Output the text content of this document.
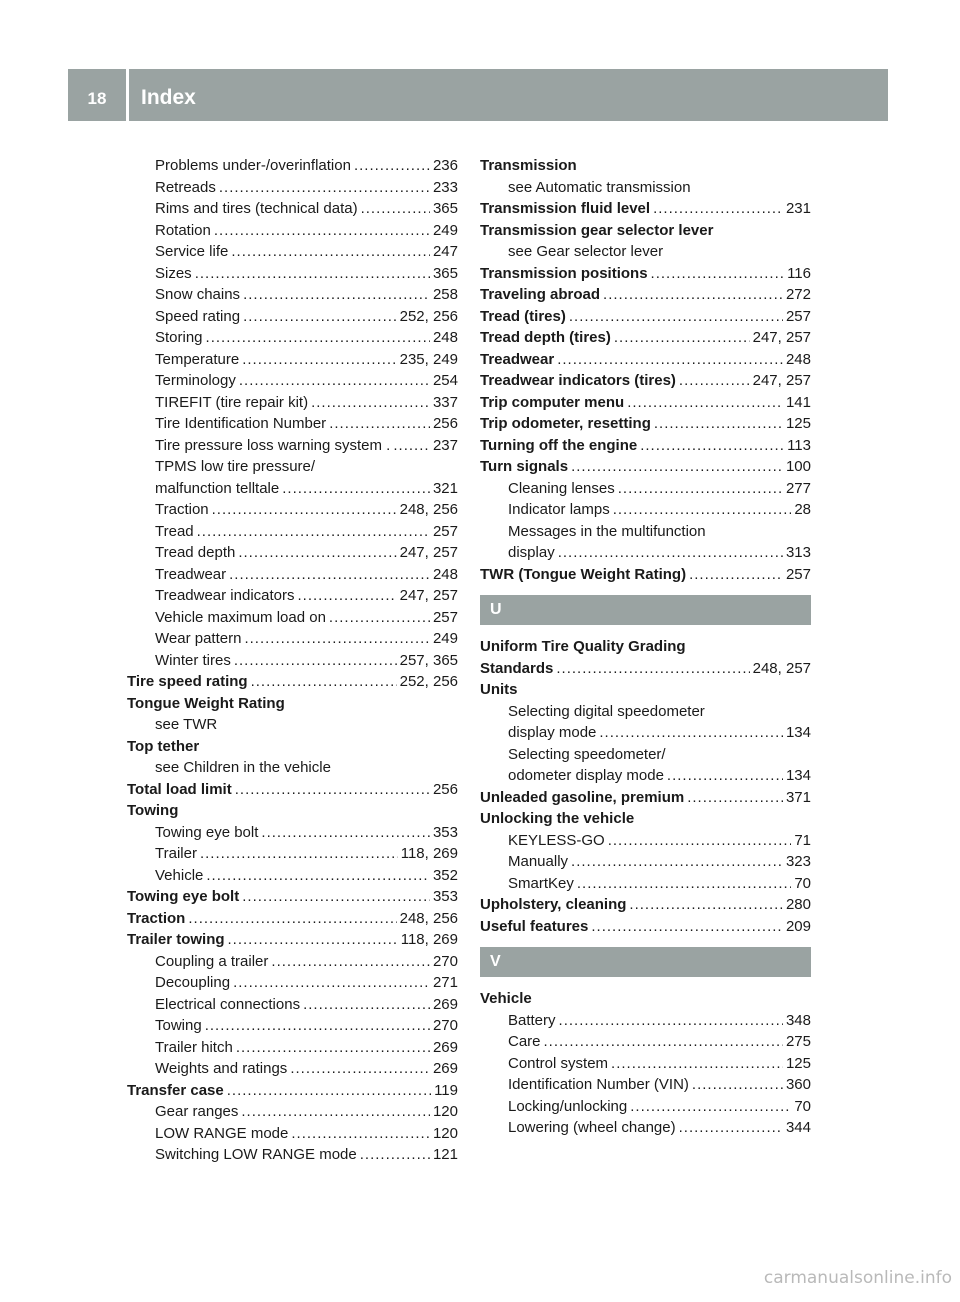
18	Index
Problems under-/overinflation .....	236
Retreads .....	233
Rims and tires (technical data) .....	365
Rotation .....	249
Service life .....	247
Sizes .....	365
Snow chains .....	258
Speed rating .....	252, 256
Storing .....	248
Temperature .....	235, 249
Terminology .....	254
TIREFIT (tire repair kit) .....	337
Tire Identification Number .....	256
Tire pressure loss warning system . .....	237
TPMS low tire pressure/
malfunction telltale .....	321
Traction .....	248, 256
Tread .....	257
Tread depth .....	247, 257
Treadwear .....	248
Treadwear indicators .....	247, 257
Vehicle maximum load on .....	257
Wear pattern .....	249
Winter tires .....	257, 365
Tire speed rating .....	252, 256
Tongue Weight Rating
see TWR
Top tether
see Children in the vehicle
Total load limit .....	256
Towing
Towing eye bolt .....	353
Trailer .....	118, 269
Vehicle .....	352
Towing eye bolt .....	353
Traction .....	248, 256
Trailer towing .....	118, 269
Coupling a trailer .....	270
Decoupling .....	271
Electrical connections .....	269
Towing .....	270
Trailer hitch .....	269
Weights and ratings .....	269
Transfer case .....	119
Gear ranges .....	120
LOW RANGE mode .....	120
Switching LOW RANGE mode .....	121
Transmission
see Automatic transmission
Transmission fluid level .....	231
Transmission gear selector lever
see Gear selector lever
Transmission positions .....	116
Traveling abroad .....	272
Tread (tires) .....	257
Tread depth (tires) .....	247, 257
Treadwear .....	248
Treadwear indicators (tires) .....	247, 257
Trip computer menu .....	141
Trip odometer, resetting .....	125
Turning off the engine .....	113
Turn signals .....	100
Cleaning lenses .....	277
Indicator lamps .....	28
Messages in the multifunction
display .....	313
TWR (Tongue Weight Rating) .....	257
U
Uniform Tire Quality Grading
Standards .....	248, 257
Units
Selecting digital speedometer
display mode .....	134
Selecting speedometer/
odometer display mode .....	134
Unleaded gasoline, premium .....	371
Unlocking the vehicle
KEYLESS-GO .....	71
Manually .....	323
SmartKey .....	70
Upholstery, cleaning .....	280
Useful features .....	209
V
Vehicle
Battery .....	348
Care .....	275
Control system .....	125
Identification Number (VIN) .....	360
Locking/unlocking .....	70
Lowering (wheel change) .....	344
carmanualsonline.info
